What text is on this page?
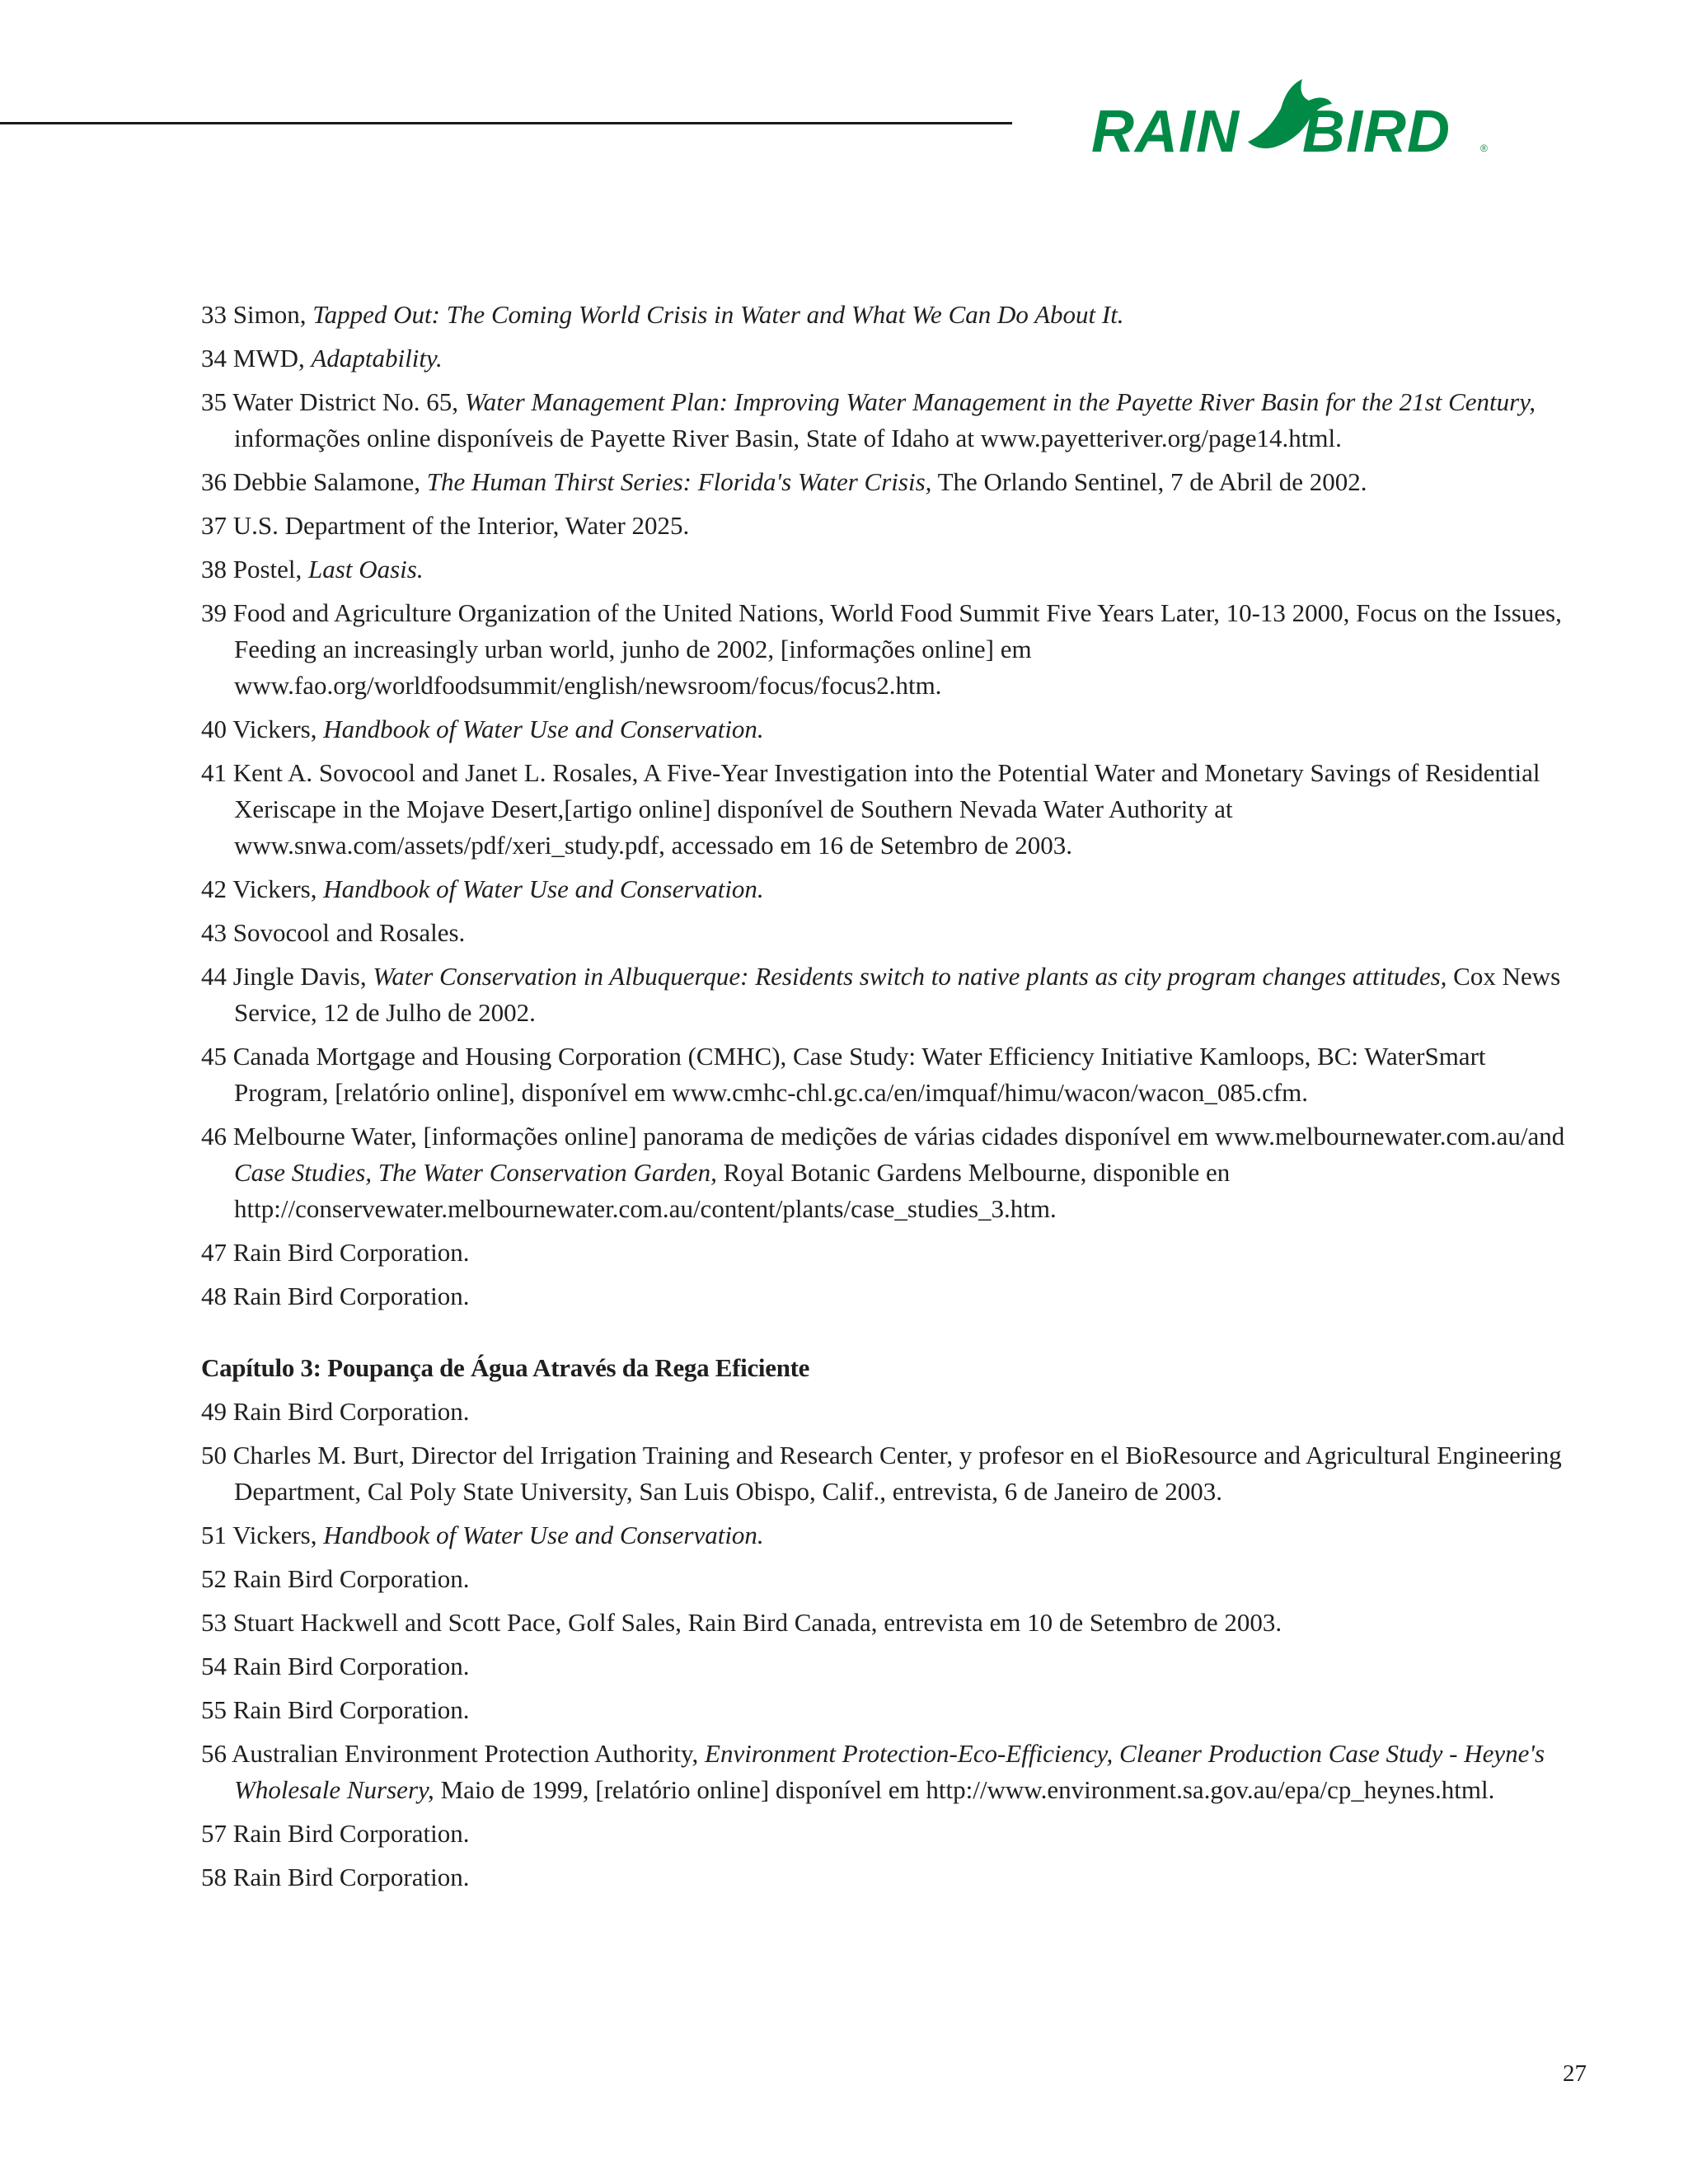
RAIN BIRD	®
33 Simon, Tapped Out: The Coming World Crisis in Water and What We Can Do About It.
34 MWD, Adaptability.
35 Water District No. 65, Water Management Plan: Improving Water Management in the Payette River Basin for the 21st Century, informações online disponíveis de Payette River Basin, State of Idaho at www.payetteriver.org/page14.html.
36 Debbie Salamone, The Human Thirst Series: Florida's Water Crisis, The Orlando Sentinel, 7 de Abril de 2002.
37 U.S. Department of the Interior, Water 2025.
38 Postel, Last Oasis.
39 Food and Agriculture Organization of the United Nations, World Food Summit Five Years Later, 10-13 2000, Focus on the Issues, Feeding an increasingly urban world, junho de 2002, [informações online] em www.fao.org/worldfoodsummit/english/newsroom/focus/focus2.htm.
40 Vickers, Handbook of Water Use and Conservation.
41 Kent A. Sovocool and Janet L. Rosales, A Five-Year Investigation into the Potential Water and Monetary Savings of Residential Xeriscape in the Mojave Desert,[artigo online] disponível de Southern Nevada Water Authority at www.snwa.com/assets/pdf/xeri_study.pdf, accessado em 16 de Setembro de 2003.
42 Vickers, Handbook of Water Use and Conservation.
43 Sovocool and Rosales.
44 Jingle Davis, Water Conservation in Albuquerque: Residents switch to native plants as city program changes attitudes, Cox News Service, 12 de Julho de 2002.
45 Canada Mortgage and Housing Corporation (CMHC), Case Study: Water Efficiency Initiative Kamloops, BC: WaterSmart Program, [relatório online], disponível em www.cmhc-chl.gc.ca/en/imquaf/himu/wacon/wacon_085.cfm.
46 Melbourne Water, [informações online] panorama de medições de várias cidades disponível em www.melbournewater.com.au/and Case Studies, The Water Conservation Garden, Royal Botanic Gardens Melbourne, disponible en http://conservewater.melbournewater.com.au/content/plants/case_studies_3.htm.
47 Rain Bird Corporation.
48 Rain Bird Corporation.
Capítulo 3: Poupança de Água Através da Rega Eficiente
49 Rain Bird Corporation.
50 Charles M. Burt, Director del Irrigation Training and Research Center, y profesor en el BioResource and Agricultural Engineering Department, Cal Poly State University, San Luis Obispo, Calif., entrevista, 6 de Janeiro de 2003.
51 Vickers, Handbook of Water Use and Conservation.
52 Rain Bird Corporation.
53 Stuart Hackwell and Scott Pace, Golf Sales, Rain Bird Canada, entrevista em 10 de Setembro de 2003.
54 Rain Bird Corporation.
55 Rain Bird Corporation.
56 Australian Environment Protection Authority, Environment Protection-Eco-Efficiency, Cleaner Production Case Study - Heyne's Wholesale Nursery, Maio de 1999, [relatório online] disponível em http://www.environment.sa.gov.au/epa/cp_heynes.html.
57 Rain Bird Corporation.
58 Rain Bird Corporation.
27
